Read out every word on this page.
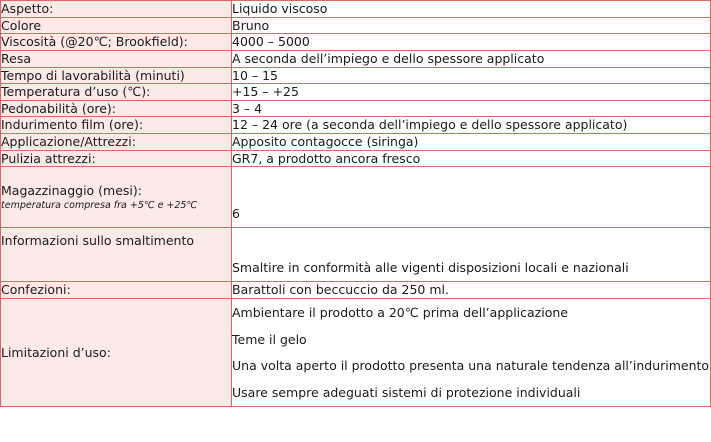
Aspetto:	Liquido viscoso

Colore	Bruno

Viscosità (@20℃; Brookfield):	4000 – 5000

Resa	A seconda dell’impiego e dello spessore applicato

Tempo di lavorabilità (minuti)	10 – 15

Temperatura d’uso (℃):	+15 – +25

Pedonabilità (ore):	3 – 4

Indurimento film (ore):	12 – 24 ore (a seconda dell’impiego e dello spessore applicato)

Applicazione/Attrezzi:	Apposito contagocce (siringa)

Pulizia attrezzi:	GR7, a prodotto ancora fresco

Magazzinaggio (mesi):
temperatura compresa fra +5℃ e +25℃	6

Informazioni sullo smaltimento	Smaltire in conformità alle vigenti disposizioni locali e nazionali

Confezioni:	Barattoli con beccuccio da 250 ml.

Limitazioni d’uso:	Ambientare il prodotto a 20℃ prima dell’applicazione
Teme il gelo
Una volta aperto il prodotto presenta una naturale tendenza all’indurimento
Usare sempre adeguati sistemi di protezione individuali
